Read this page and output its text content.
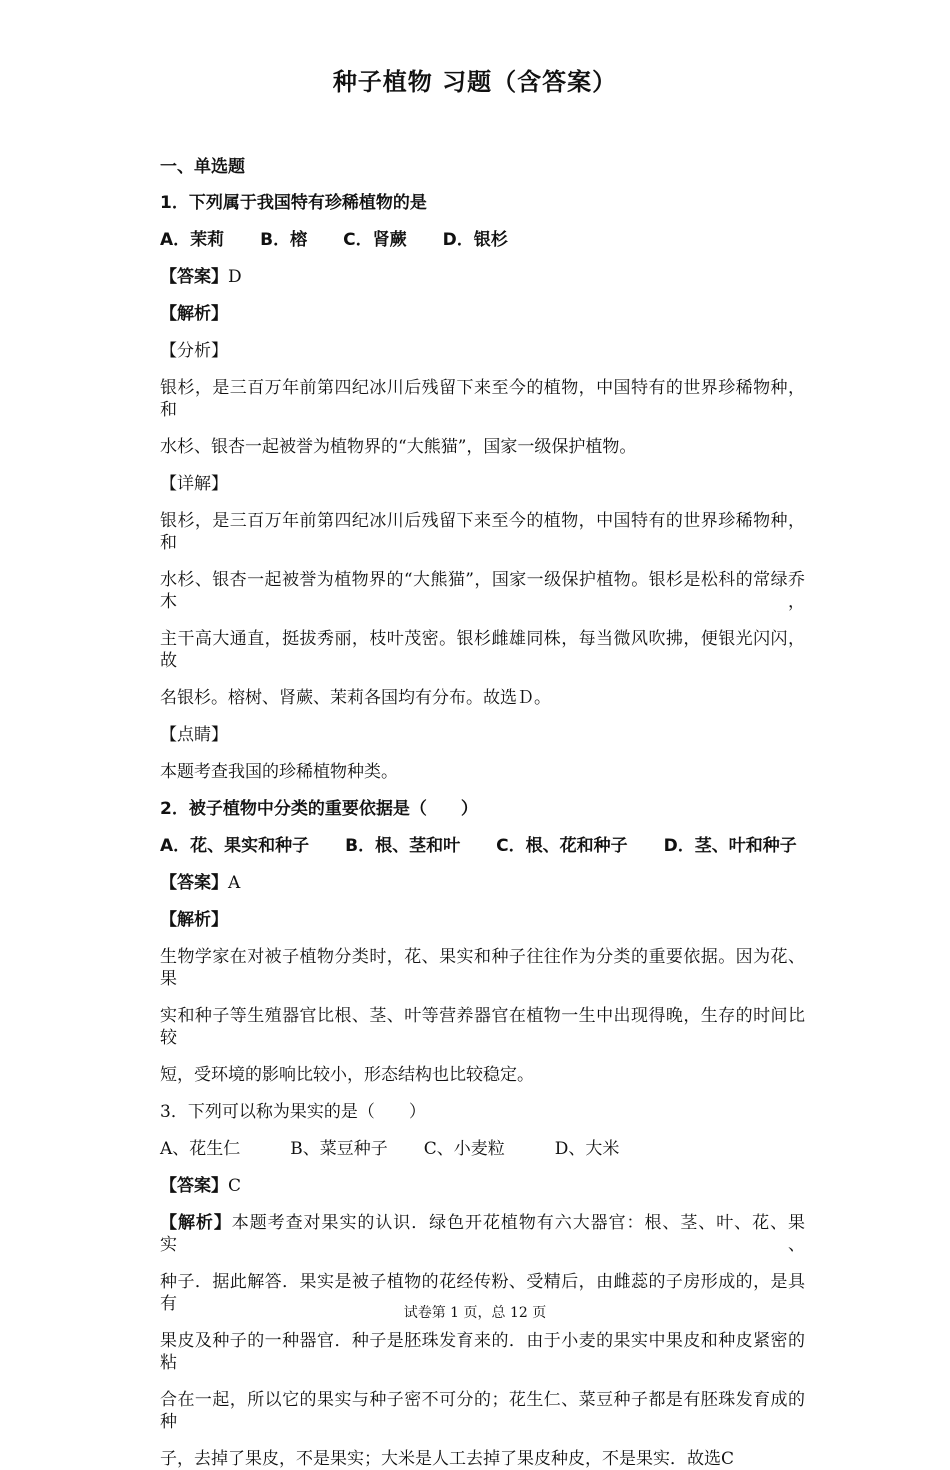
种子植物 习题（含答案）
一、单选题
1．下列属于我国特有珍稀植物的是
A．茉莉 B．榕 C．肾蕨 D．银杉
【答案】D
【解析】
【分析】
银杉，是三百万年前第四纪冰川后残留下来至今的植物，中国特有的世界珍稀物种，和
水杉、银杏一起被誉为植物界的“大熊猫”，国家一级保护植物。
【详解】
银杉，是三百万年前第四纪冰川后残留下来至今的植物，中国特有的世界珍稀物种，和
水杉、银杏一起被誉为植物界的“大熊猫”，国家一级保护植物。银杉是松科的常绿乔木，
主干高大通直，挺拔秀丽，枝叶茂密。银杉雌雄同株，每当微风吹拂，便银光闪闪，故
名银杉。榕树、肾蕨、茉莉各国均有分布。故选Ｄ。
【点睛】
本题考查我国的珍稀植物种类。
2．被子植物中分类的重要依据是（　　）
A．花、果实和种子 B．根、茎和叶 C．根、花和种子 D．茎、叶和种子
【答案】A
【解析】
生物学家在对被子植物分类时，花、果实和种子往往作为分类的重要依据。因为花、果
实和种子等生殖器官比根、茎、叶等营养器官在植物一生中出现得晚，生存的时间比较
短，受环境的影响比较小，形态结构也比较稳定。
3．下列可以称为果实的是（　　）
A、花生仁	B、菜豆种子 C、小麦粒	D、大米
【答案】C
【解析】本题考查对果实的认识．绿色开花植物有六大器官：根、茎、叶、花、果实、
种子．据此解答．果实是被子植物的花经传粉、受精后，由雌蕊的子房形成的，是具有
果皮及种子的一种器官．种子是胚珠发育来的．由于小麦的果实中果皮和种皮紧密的粘
合在一起，所以它的果实与种子密不可分的；花生仁、菜豆种子都是有胚珠发育成的种
子，去掉了果皮，不是果实；大米是人工去掉了果皮种皮，不是果实．故选C
试卷第 1 页，总 12 页
